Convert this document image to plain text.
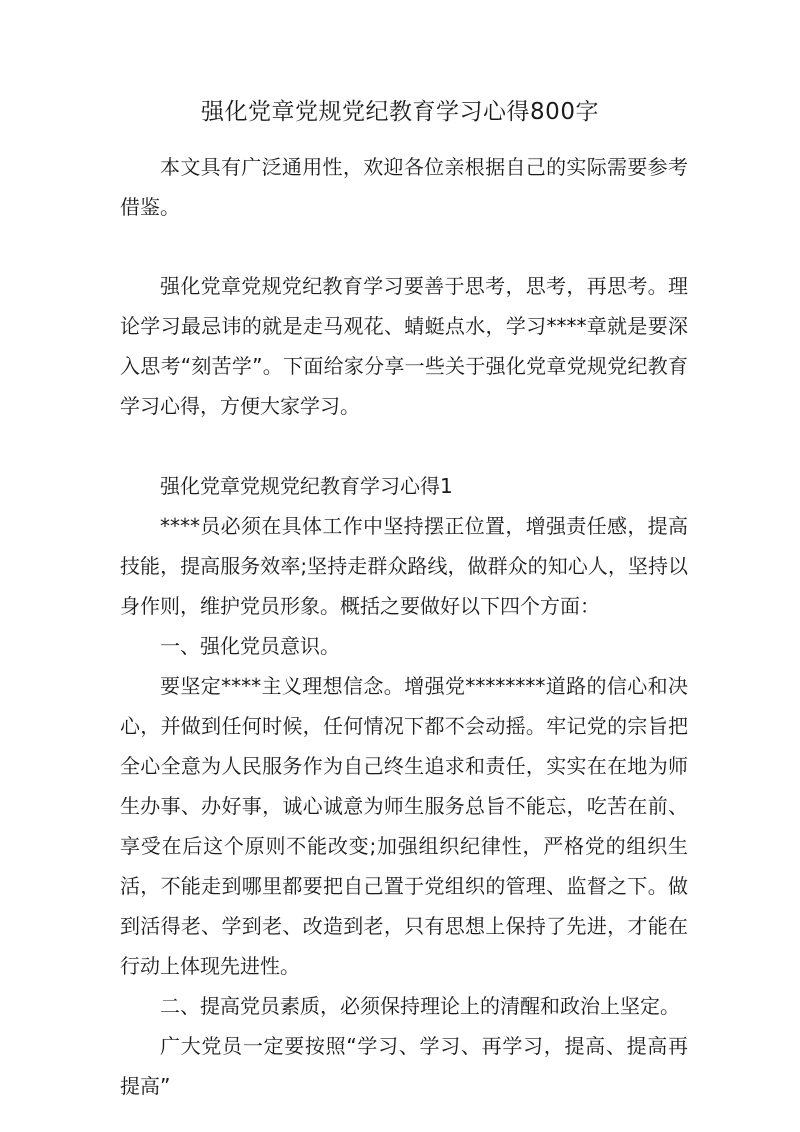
强化党章党规党纪教育学习心得800字

本文具有广泛通用性，欢迎各位亲根据自己的实际需要参考借鉴。

强化党章党规党纪教育学习要善于思考，思考，再思考。理论学习最忌讳的就是走马观花、蜻蜓点水，学习****章就是要深入思考“刻苦学”。下面给家分享一些关于强化党章党规党纪教育学习心得，方便大家学习。

强化党章党规党纪教育学习心得1

****员必须在具体工作中坚持摆正位置，增强责任感，提高技能，提高服务效率;坚持走群众路线，做群众的知心人，坚持以身作则，维护党员形象。概括之要做好以下四个方面：

一、强化党员意识。

要坚定****主义理想信念。增强党********道路的信心和决心，并做到任何时候，任何情况下都不会动摇。牢记党的宗旨把全心全意为人民服务作为自己终生追求和责任，实实在在地为师生办事、办好事，诚心诚意为师生服务总旨不能忘，吃苦在前、享受在后这个原则不能改变;加强组织纪律性，严格党的组织生活，不能走到哪里都要把自己置于党组织的管理、监督之下。做到活得老、学到老、改造到老，只有思想上保持了先进，才能在行动上体现先进性。

二、提高党员素质，必须保持理论上的清醒和政治上坚定。

广大党员一定要按照“学习、学习、再学习，提高、提高再提高”
